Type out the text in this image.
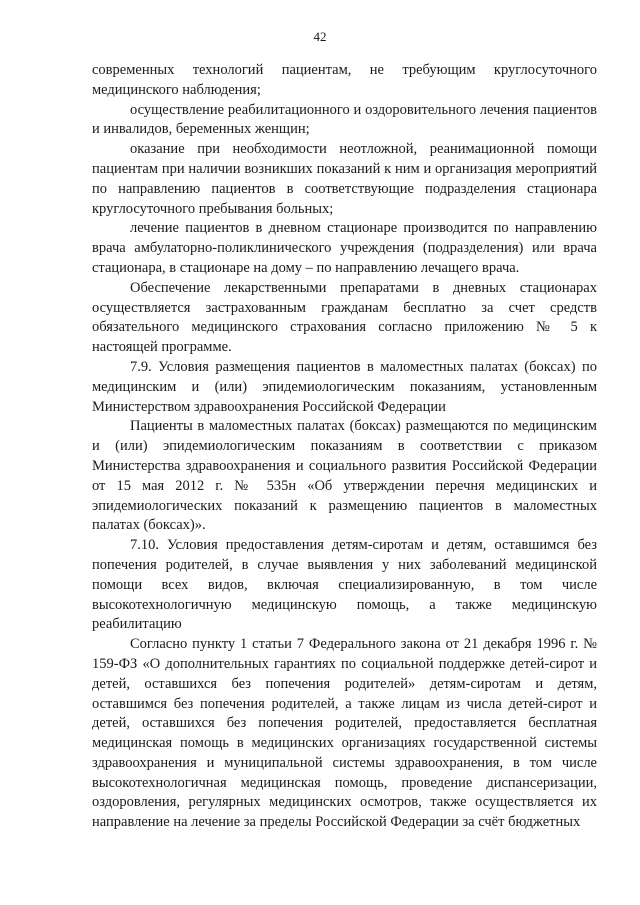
42

современных технологий пациентам, не требующим круглосуточного медицинского наблюдения;

осуществление реабилитационного и оздоровительного лечения пациентов и инвалидов, беременных женщин;

оказание при необходимости неотложной, реанимационной помощи пациентам при наличии возникших показаний к ним и организация мероприятий по направлению пациентов в соответствующие подразделения стационара круглосуточного пребывания больных;

лечение пациентов в дневном стационаре производится по направлению врача амбулаторно-поликлинического учреждения (подразделения) или врача стационара, в стационаре на дому – по направлению лечащего врача.

Обеспечение лекарственными препаратами в дневных стационарах осуществляется застрахованным гражданам бесплатно за счет средств обязательного медицинского страхования согласно приложению № 5 к настоящей программе.

7.9. Условия размещения пациентов в маломестных палатах (боксах) по медицинским и (или) эпидемиологическим показаниям, установленным Министерством здравоохранения Российской Федерации

Пациенты в маломестных палатах (боксах) размещаются по медицинским и (или) эпидемиологическим показаниям в соответствии с приказом Министерства здравоохранения и социального развития Российской Федерации от 15 мая 2012 г. № 535н «Об утверждении перечня медицинских и эпидемиологических показаний к размещению пациентов в маломестных палатах (боксах)».

7.10. Условия предоставления детям-сиротам и детям, оставшимся без попечения родителей, в случае выявления у них заболеваний медицинской помощи всех видов, включая специализированную, в том числе высокотехнологичную медицинскую помощь, а также медицинскую реабилитацию

Согласно пункту 1 статьи 7 Федерального закона от 21 декабря 1996 г. № 159-ФЗ «О дополнительных гарантиях по социальной поддержке детей-сирот и детей, оставшихся без попечения родителей» детям-сиротам и детям, оставшимся без попечения родителей, а также лицам из числа детей-сирот и детей, оставшихся без попечения родителей, предоставляется бесплатная медицинская помощь в медицинских организациях государственной системы здравоохранения и муниципальной системы здравоохранения, в том числе высокотехнологичная медицинская помощь, проведение диспансеризации, оздоровления, регулярных медицинских осмотров, также осуществляется их направление на лечение за пределы Российской Федерации за счёт бюджетных
